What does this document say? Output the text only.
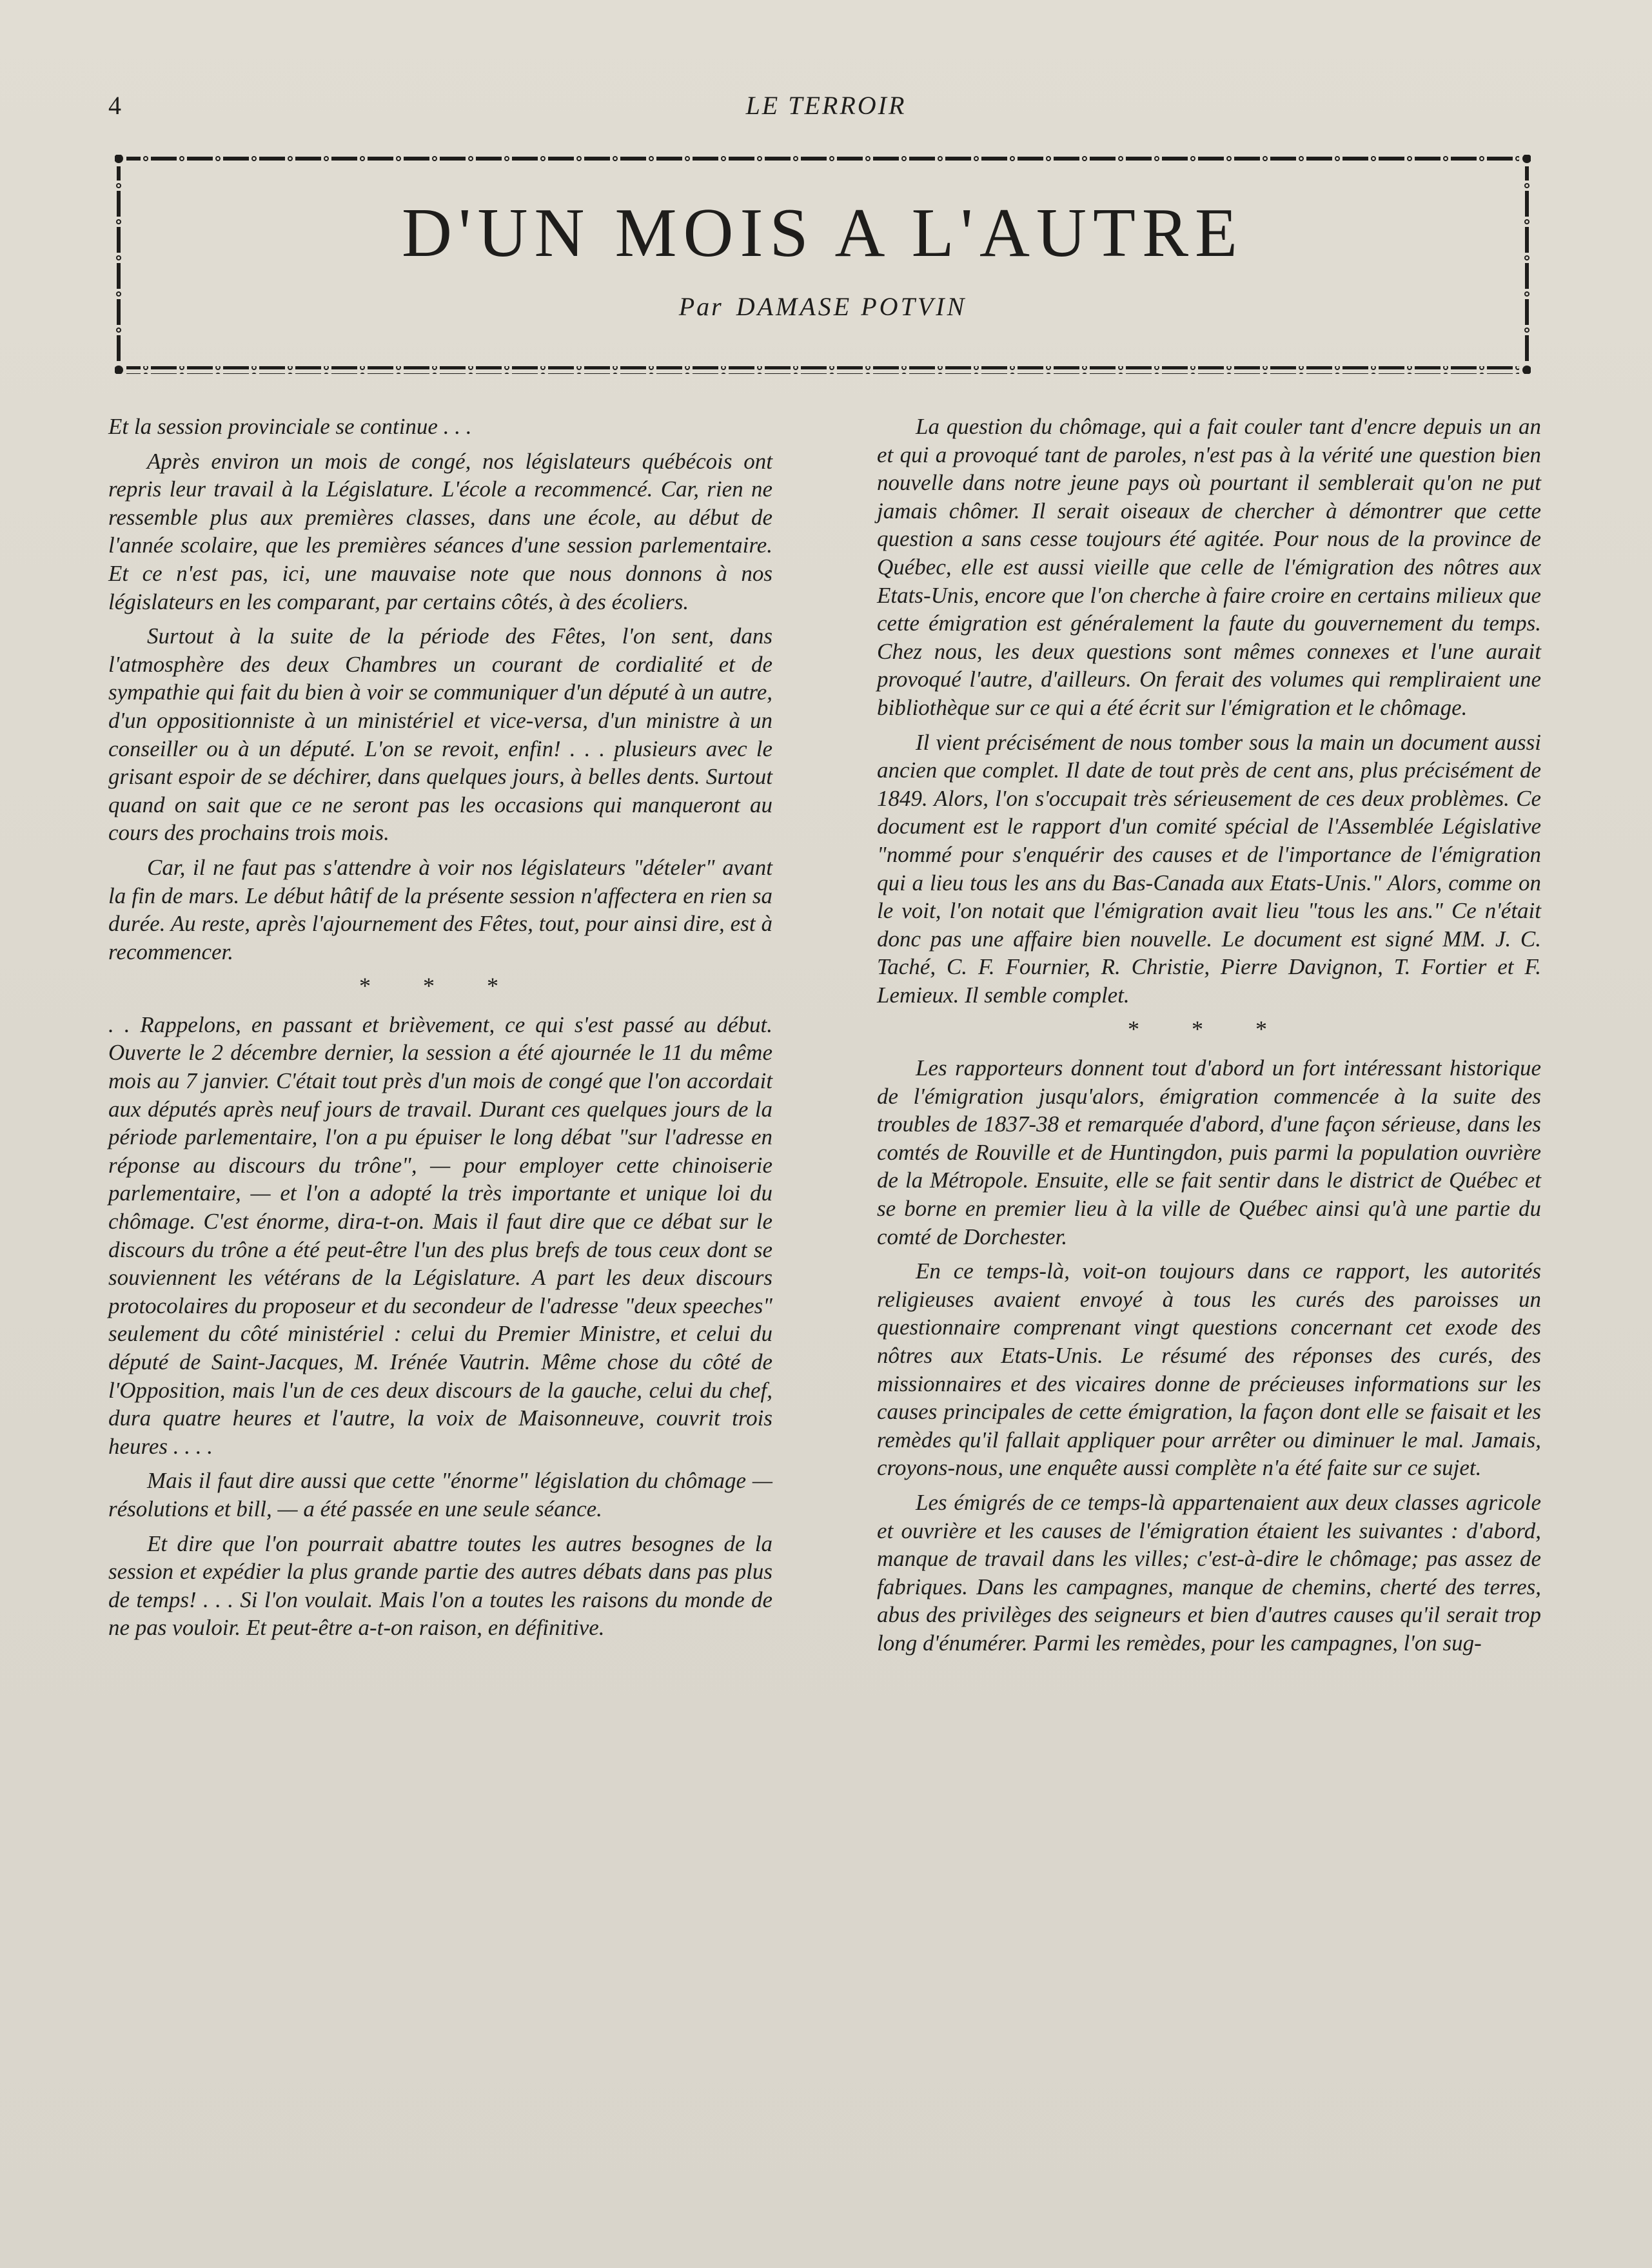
4	LE TERROIR
D'UN MOIS A L'AUTRE
Par DAMASE POTVIN

Et la session provinciale se continue . . .

Après environ un mois de congé, nos législateurs québécois ont repris leur travail à la Législature. L'école a recommencé. Car, rien ne ressemble plus aux premières classes, dans une école, au début de l'année scolaire, que les premières séances d'une session parlementaire. Et ce n'est pas, ici, une mauvaise note que nous donnons à nos législateurs en les comparant, par certains côtés, à des écoliers.

Surtout à la suite de la période des Fêtes, l'on sent, dans l'atmosphère des deux Chambres un courant de cordialité et de sympathie qui fait du bien à voir se communiquer d'un député à un autre, d'un oppositionniste à un ministériel et vice-versa, d'un ministre à un conseiller ou à un député. L'on se revoit, enfin! . . . plusieurs avec le grisant espoir de se déchirer, dans quelques jours, à belles dents. Surtout quand on sait que ce ne seront pas les occasions qui manqueront au cours des prochains trois mois.

Car, il ne faut pas s'attendre à voir nos législateurs "dételer" avant la fin de mars. Le début hâtif de la présente session n'affectera en rien sa durée. Au reste, après l'ajournement des Fêtes, tout, pour ainsi dire, est à recommencer.

* * *

. . Rappelons, en passant et brièvement, ce qui s'est passé au début. Ouverte le 2 décembre dernier, la session a été ajournée le 11 du même mois au 7 janvier. C'était tout près d'un mois de congé que l'on accordait aux députés après neuf jours de travail. Durant ces quelques jours de la période parlementaire, l'on a pu épuiser le long débat "sur l'adresse en réponse au discours du trône", — pour employer cette chinoiserie parlementaire, — et l'on a adopté la très importante et unique loi du chômage. C'est énorme, dira-t-on. Mais il faut dire que ce débat sur le discours du trône a été peut-être l'un des plus brefs de tous ceux dont se souviennent les vétérans de la Législature. A part les deux discours protocolaires du proposeur et du secondeur de l'adresse "deux speeches" seulement du côté ministériel : celui du Premier Ministre, et celui du député de Saint-Jacques, M. Irénée Vautrin. Même chose du côté de l'Opposition, mais l'un de ces deux discours de la gauche, celui du chef, dura quatre heures et l'autre, la voix de Maisonneuve, couvrit trois heures . . . .

Mais il faut dire aussi que cette "énorme" législation du chômage — résolutions et bill, — a été passée en une seule séance.

Et dire que l'on pourrait abattre toutes les autres besognes de la session et expédier la plus grande partie des autres débats dans pas plus de temps! . . . Si l'on voulait. Mais l'on a toutes les raisons du monde de ne pas vouloir. Et peut-être a-t-on raison, en définitive.

La question du chômage, qui a fait couler tant d'encre depuis un an et qui a provoqué tant de paroles, n'est pas à la vérité une question bien nouvelle dans notre jeune pays où pourtant il semblerait qu'on ne put jamais chômer. Il serait oiseaux de chercher à démontrer que cette question a sans cesse toujours été agitée. Pour nous de la province de Québec, elle est aussi vieille que celle de l'émigration des nôtres aux Etats-Unis, encore que l'on cherche à faire croire en certains milieux que cette émigration est généralement la faute du gouvernement du temps. Chez nous, les deux questions sont mêmes connexes et l'une aurait provoqué l'autre, d'ailleurs. On ferait des volumes qui rempliraient une bibliothèque sur ce qui a été écrit sur l'émigration et le chômage.

Il vient précisément de nous tomber sous la main un document aussi ancien que complet. Il date de tout près de cent ans, plus précisément de 1849. Alors, l'on s'occupait très sérieusement de ces deux problèmes. Ce document est le rapport d'un comité spécial de l'Assemblée Législative "nommé pour s'enquérir des causes et de l'importance de l'émigration qui a lieu tous les ans du Bas-Canada aux Etats-Unis." Alors, comme on le voit, l'on notait que l'émigration avait lieu "tous les ans." Ce n'était donc pas une affaire bien nouvelle. Le document est signé MM. J. C. Taché, C. F. Fournier, R. Christie, Pierre Davignon, T. Fortier et F. Lemieux. Il semble complet.

* * *

Les rapporteurs donnent tout d'abord un fort intéressant historique de l'émigration jusqu'alors, émigration commencée à la suite des troubles de 1837-38 et remarquée d'abord, d'une façon sérieuse, dans les comtés de Rouville et de Huntingdon, puis parmi la population ouvrière de la Métropole. Ensuite, elle se fait sentir dans le district de Québec et se borne en premier lieu à la ville de Québec ainsi qu'à une partie du comté de Dorchester.

En ce temps-là, voit-on toujours dans ce rapport, les autorités religieuses avaient envoyé à tous les curés des paroisses un questionnaire comprenant vingt questions concernant cet exode des nôtres aux Etats-Unis. Le résumé des réponses des curés, des missionnaires et des vicaires donne de précieuses informations sur les causes principales de cette émigration, la façon dont elle se faisait et les remèdes qu'il fallait appliquer pour arrêter ou diminuer le mal. Jamais, croyons-nous, une enquête aussi complète n'a été faite sur ce sujet.

Les émigrés de ce temps-là appartenaient aux deux classes agricole et ouvrière et les causes de l'émigration étaient les suivantes : d'abord, manque de travail dans les villes; c'est-à-dire le chômage; pas assez de fabriques. Dans les campagnes, manque de chemins, cherté des terres, abus des privilèges des seigneurs et bien d'autres causes qu'il serait trop long d'énumérer. Parmi les remèdes, pour les campagnes, l'on sug-
